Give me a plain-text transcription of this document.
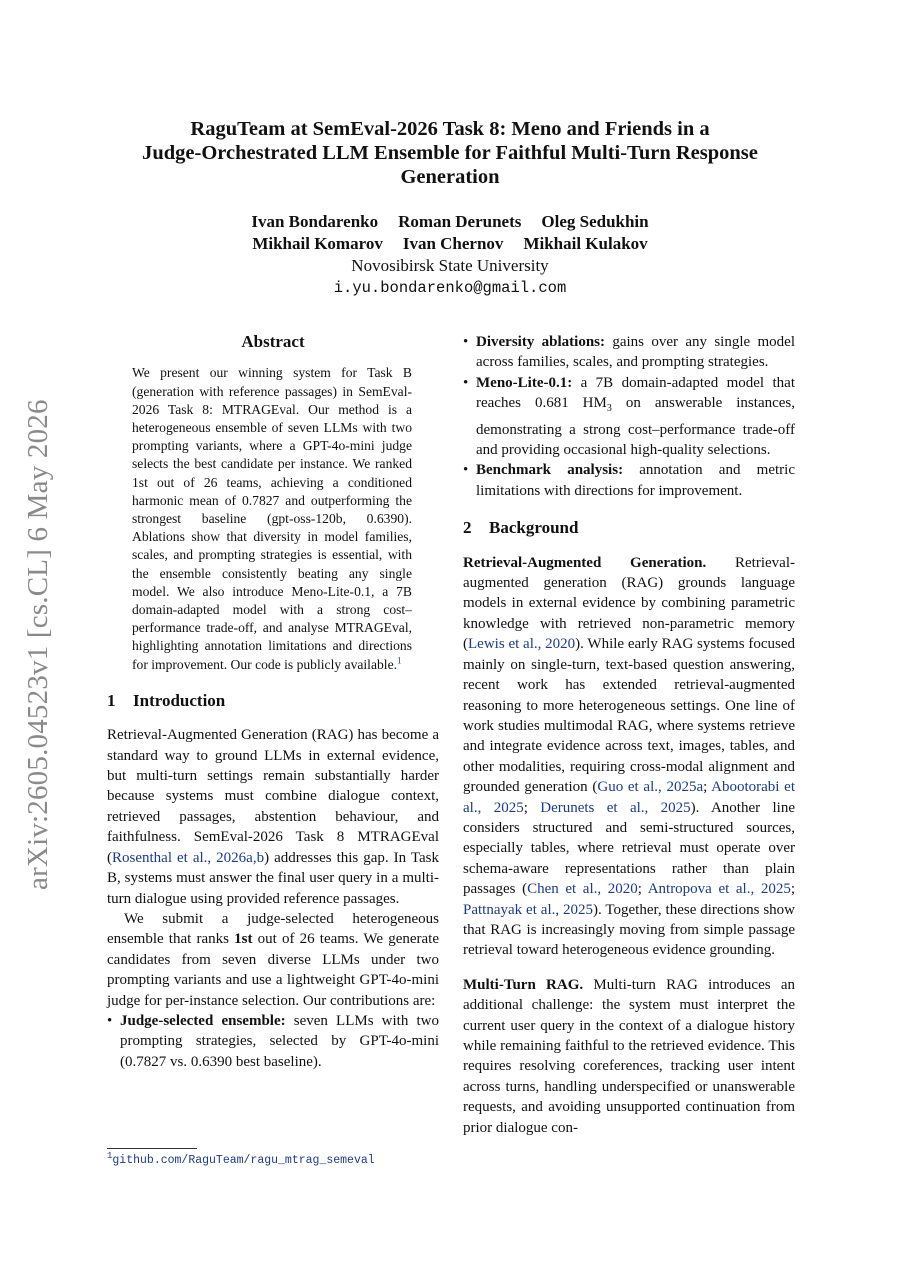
arXiv:2605.04523v1 [cs.CL] 6 May 2026
RaguTeam at SemEval-2026 Task 8: Meno and Friends in a
Judge-Orchestrated LLM Ensemble for Faithful Multi-Turn Response
Generation
Ivan Bondarenko Roman Derunets Oleg Sedukhin
Mikhail Komarov Ivan Chernov Mikhail Kulakov
Novosibirsk State University
i.yu.bondarenko@gmail.com
Abstract
We present our winning system for Task B (generation with reference passages) in SemEval-2026 Task 8: MTRAGEval. Our method is a heterogeneous ensemble of seven LLMs with two prompting variants, where a GPT-4o-mini judge selects the best candidate per instance. We ranked 1st out of 26 teams, achieving a conditioned harmonic mean of 0.7827 and outperforming the strongest baseline (gpt-oss-120b, 0.6390). Ablations show that diversity in model families, scales, and prompting strategies is essential, with the ensemble consistently beating any single model. We also introduce Meno-Lite-0.1, a 7B domain-adapted model with a strong cost–performance trade-off, and analyse MTRAGEval, highlighting annotation limitations and directions for improvement. Our code is publicly available.$^1$
1 Introduction

Retrieval-Augmented Generation (RAG) has become a standard way to ground LLMs in external evidence, but multi-turn settings remain substantially harder because systems must combine dialogue context, retrieved passages, abstention behaviour, and faithfulness. SemEval-2026 Task 8 MTRAGEval (Rosenthal et al., 2026a,b) addresses this gap. In Task B, systems must answer the final user query in a multi-turn dialogue using provided reference passages.

We submit a judge-selected heterogeneous ensemble that ranks 1st out of 26 teams. We generate candidates from seven diverse LLMs under two prompting variants and use a lightweight GPT-4o-mini judge for per-instance selection. Our contributions are:

• Judge-selected ensemble: seven LLMs with two prompting strategies, selected by GPT-4o-mini (0.7827 vs. 0.6390 best baseline).
$^1$github.com/RaguTeam/ragu_mtrag_semeval
• Diversity ablations: gains over any single model across families, scales, and prompting strategies.
• Meno-Lite-0.1: a 7B domain-adapted model that reaches 0.681 $HM_3$ on answerable instances, demonstrating a strong cost–performance trade-off and providing occasional high-quality selections.
• Benchmark analysis: annotation and metric limitations with directions for improvement.
2 Background

Retrieval-Augmented Generation. Retrieval-augmented generation (RAG) grounds language models in external evidence by combining parametric knowledge with retrieved non-parametric memory (Lewis et al., 2020). While early RAG systems focused mainly on single-turn, text-based question answering, recent work has extended retrieval-augmented reasoning to more heterogeneous settings. One line of work studies multimodal RAG, where systems retrieve and integrate evidence across text, images, tables, and other modalities, requiring cross-modal alignment and grounded generation (Guo et al., 2025a; Abootorabi et al., 2025; Derunets et al., 2025). Another line considers structured and semi-structured sources, especially tables, where retrieval must operate over schema-aware representations rather than plain passages (Chen et al., 2020; Antropova et al., 2025; Pattnayak et al., 2025). Together, these directions show that RAG is increasingly moving from simple passage retrieval toward heterogeneous evidence grounding.

Multi-Turn RAG. Multi-turn RAG introduces an additional challenge: the system must interpret the current user query in the context of a dialogue history while remaining faithful to the retrieved evidence. This requires resolving coreferences, tracking user intent across turns, handling underspecified or unanswerable requests, and avoiding unsupported continuation from prior dialogue con-
